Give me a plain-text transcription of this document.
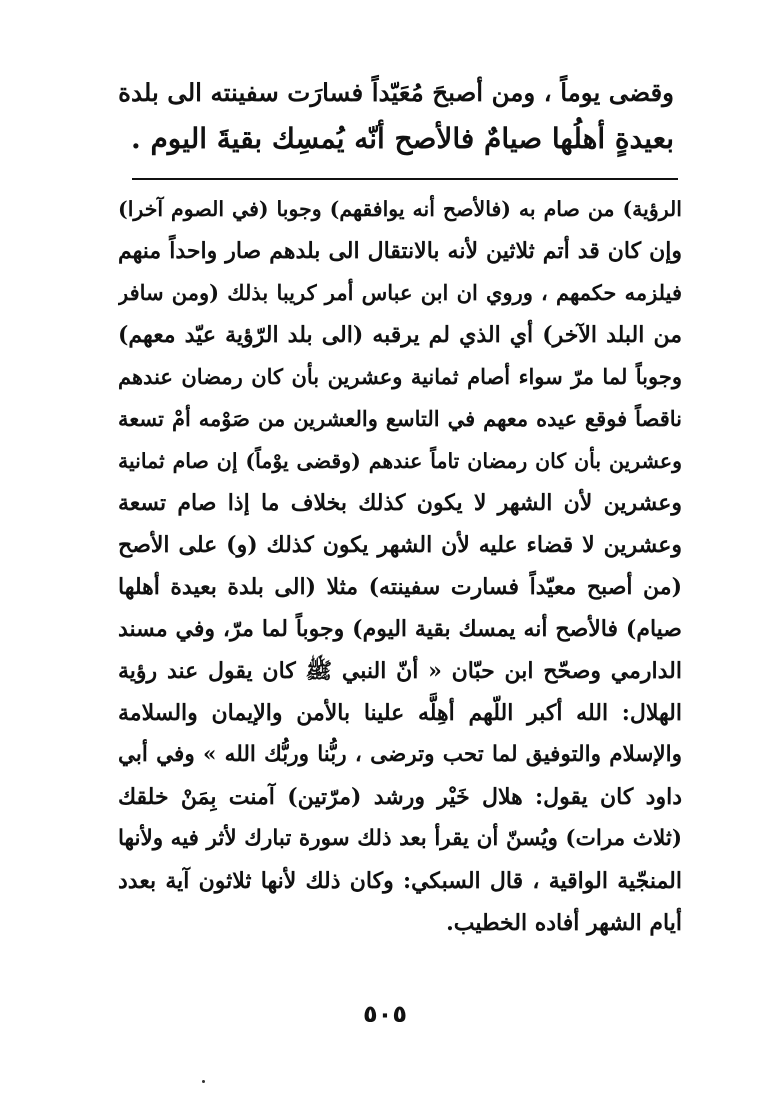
وقضى يوماً ، ومن أصبحَ مُعَيّداً فسارَت سفينته الى بلدة

بعيدةٍ أهلُها صيامٌ فالأصح أنّه يُمسِك بقيةَ اليوم .

الرؤية) من صام به (فالأصح أنه يوافقهم) وجوبا (في الصوم آخرا)
وإن كان قد أتم ثلاثين لأنه بالانتقال الى بلدهم صار واحداً منهم
فيلزمه حكمهم ، وروي ان ابن عباس أمر كريبا بذلك (ومن سافر
من البلد الآخر) أي الذي لم يرقبه (الى بلد الرّؤية عيّد معهم)
وجوباً لما مرّ سواء أصام ثمانية وعشرين بأن كان رمضان عندهم
ناقصاً فوقع عيده معهم في التاسع والعشرين من صَوْمه أمْ تسعة
وعشرين بأن كان رمضان تاماً عندهم (وقضى يوْماً) إن صام ثمانية
وعشرين لأن الشهر لا يكون كذلك بخلاف ما إذا صام تسعة
وعشرين لا قضاء عليه لأن الشهر يكون كذلك (و) على الأصح
(من أصبح معيّداً فسارت سفينته) مثلا (الى بلدة بعيدة أهلها
صيام) فالأصح أنه يمسك بقية اليوم) وجوباً لما مرّ، وفي مسند
الدارمي وصحّح ابن حبّان « أنّ النبي ﷺ كان يقول عند رؤية
الهلال: الله أكبر اللّهم أهِلَّه علينا بالأمن والإيمان والسلامة
والإسلام والتوفيق لما تحب وترضى ، ربُّنا وربُّك الله » وفي أبي
داود كان يقول: هلال خَيْر ورشد (مرّتين) آمنت بِمَنْ خلقك
(ثلاث مرات) ويُسنّ أن يقرأ بعد ذلك سورة تبارك لأثر فيه ولأنها
المنجّية الواقية ، قال السبكي: وكان ذلك لأنها ثلاثون آية بعدد
أيام الشهر أفاده الخطيب.
٥٠٥
